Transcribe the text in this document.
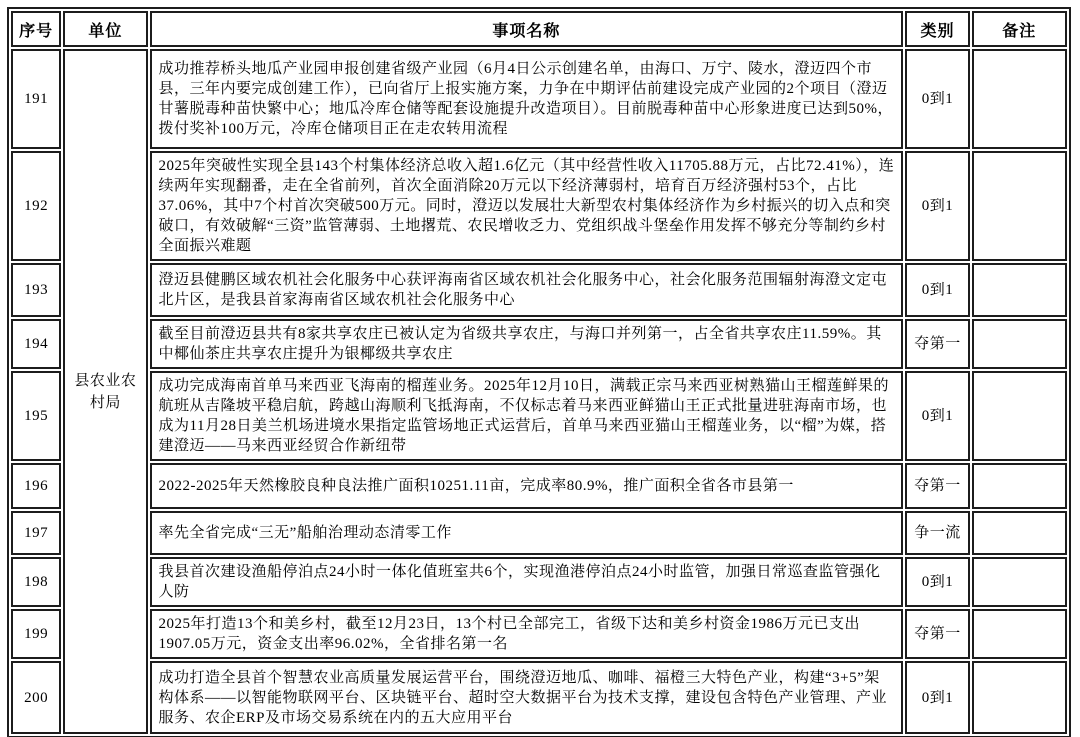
序号	单位	事项名称	类别	备注
191	县农业农村局	成功推荐桥头地瓜产业园申报创建省级产业园（6月4日公示创建名单，由海口、万宁、陵水，澄迈四个市县，三年内要完成创建工作），已向省厅上报实施方案，力争在中期评估前建设完成产业园的2个项目（澄迈甘薯脱毒种苗快繁中心；地瓜冷库仓储等配套设施提升改造项目）。目前脱毒种苗中心形象进度已达到50%，拨付奖补100万元，冷库仓储项目正在走农转用流程	0到1	
192		2025年突破性实现全县143个村集体经济总收入超1.6亿元（其中经营性收入11705.88万元，占比72.41%），连续两年实现翻番，走在全省前列，首次全面消除20万元以下经济薄弱村，培育百万经济强村53个，占比37.06%，其中7个村首次突破500万元。同时，澄迈以发展壮大新型农村集体经济作为乡村振兴的切入点和突破口，有效破解“三资”监管薄弱、土地撂荒、农民增收乏力、党组织战斗堡垒作用发挥不够充分等制约乡村全面振兴难题	0到1	
193		澄迈县健鹏区域农机社会化服务中心获评海南省区域农机社会化服务中心，社会化服务范围辐射海澄文定屯北片区，是我县首家海南省区域农机社会化服务中心	0到1	
194		截至目前澄迈县共有8家共享农庄已被认定为省级共享农庄，与海口并列第一，占全省共享农庄11.59%。其中椰仙茶庄共享农庄提升为银椰级共享农庄	夺第一	
195		成功完成海南首单马来西亚飞海南的榴莲业务。2025年12月10日，满载正宗马来西亚树熟猫山王榴莲鲜果的航班从吉隆坡平稳启航，跨越山海顺利飞抵海南，不仅标志着马来西亚鲜猫山王正式批量进驻海南市场，也成为11月28日美兰机场进境水果指定监管场地正式运营后，首单马来西亚猫山王榴莲业务，以“榴”为媒，搭建澄迈——马来西亚经贸合作新纽带	0到1	
196		2022-2025年天然橡胶良种良法推广面积10251.11亩，完成率80.9%，推广面积全省各市县第一	夺第一	
197		率先全省完成“三无”船舶治理动态清零工作	争一流	
198		我县首次建设渔船停泊点24小时一体化值班室共6个，实现渔港停泊点24小时监管，加强日常巡查监管强化人防	0到1	
199		2025年打造13个和美乡村，截至12月23日，13个村已全部完工，省级下达和美乡村资金1986万元已支出1907.05万元，资金支出率96.02%，全省排名第一名	夺第一	
200		成功打造全县首个智慧农业高质量发展运营平台，围绕澄迈地瓜、咖啡、福橙三大特色产业，构建“3+5”架构体系——以智能物联网平台、区块链平台、超时空大数据平台为技术支撑，建设包含特色产业管理、产业服务、农企ERP及市场交易系统在内的五大应用平台	0到1	
